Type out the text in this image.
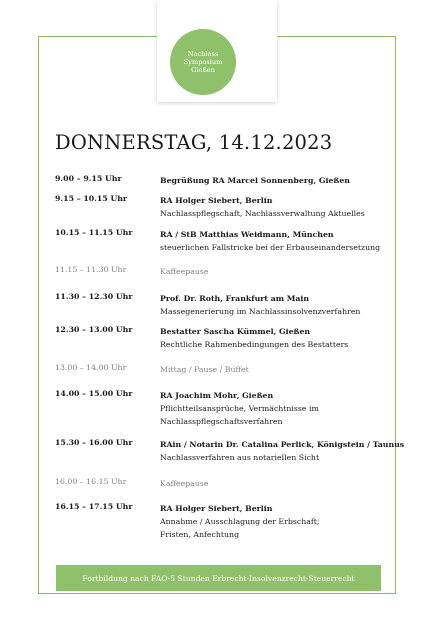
Nachlass
Symposium
Gießen
DONNERSTAG, 14.12.2023
9.00 – 9.15 Uhr	Begrüßung RA Marcel Sonnenberg, Gießen
9.15 – 10.15 Uhr	RA Holger Siebert, Berlin
Nachlasspflegschaft, Nachlassverwaltung Aktuelles
10.15 – 11.15 Uhr	RA / StB Matthias Weidmann, München
steuerlichen Fallstricke bei der Erbauseinandersetzung
11.15 – 11.30 Uhr	Kaffeepause
11.30 – 12.30 Uhr	Prof. Dr. Roth, Frankfurt am Main
Massegenerierung im Nachlassinsolvenzverfahren
12.30 – 13.00 Uhr	Bestatter Sascha Kümmel, Gießen
Rechtliche Rahmenbedingungen des Bestatters
13.00 – 14.00 Uhr	Mittag / Pause / Buffet
14.00 – 15.00 Uhr	RA Joachim Mohr, Gießen
Pflichtteilsansprüche, Vermächtnisse im
Nachlasspflegschaftsverfahren
15.30 – 16.00 Uhr	RAin / Notarin Dr. Catalina Perlick, Königstein / Taunus
Nachlassverfahren aus notariellen Sicht
16.00 – 16.15 Uhr	Kaffeepause
16.15 – 17.15 Uhr	RA Holger Siebert, Berlin
Annahme / Ausschlagung der Erbschaft;
Fristen, Anfechtung
Fortbildung nach FAO-5 Stunden Erbrecht-Insolvenzrecht-Steuerrecht
